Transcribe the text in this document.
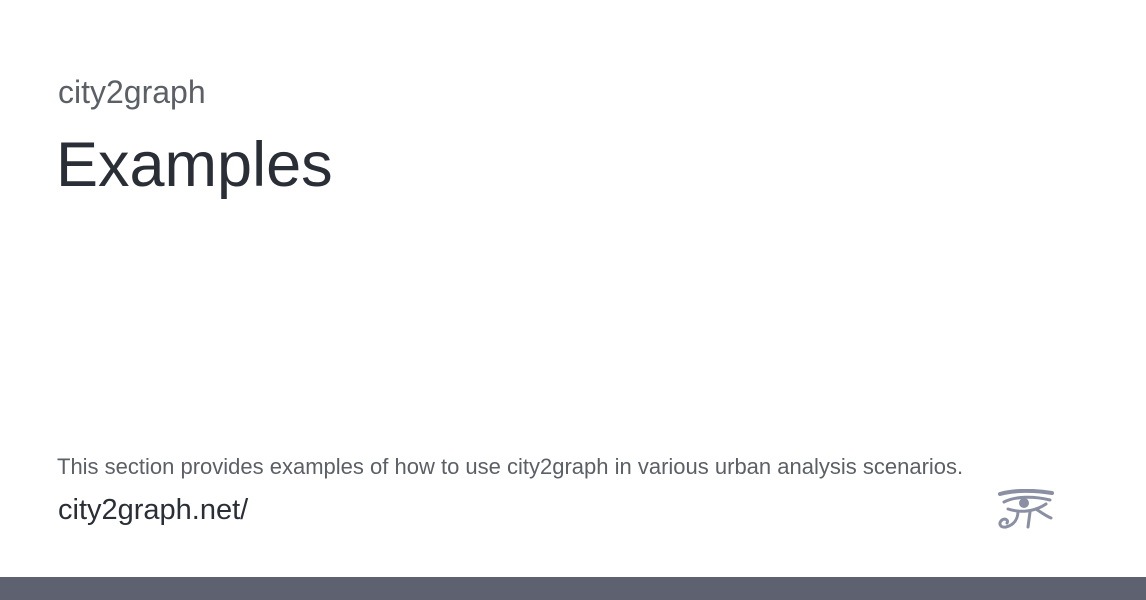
city2graph
Examples
This section provides examples of how to use city2graph in various urban analysis scenarios.
city2graph.net/
